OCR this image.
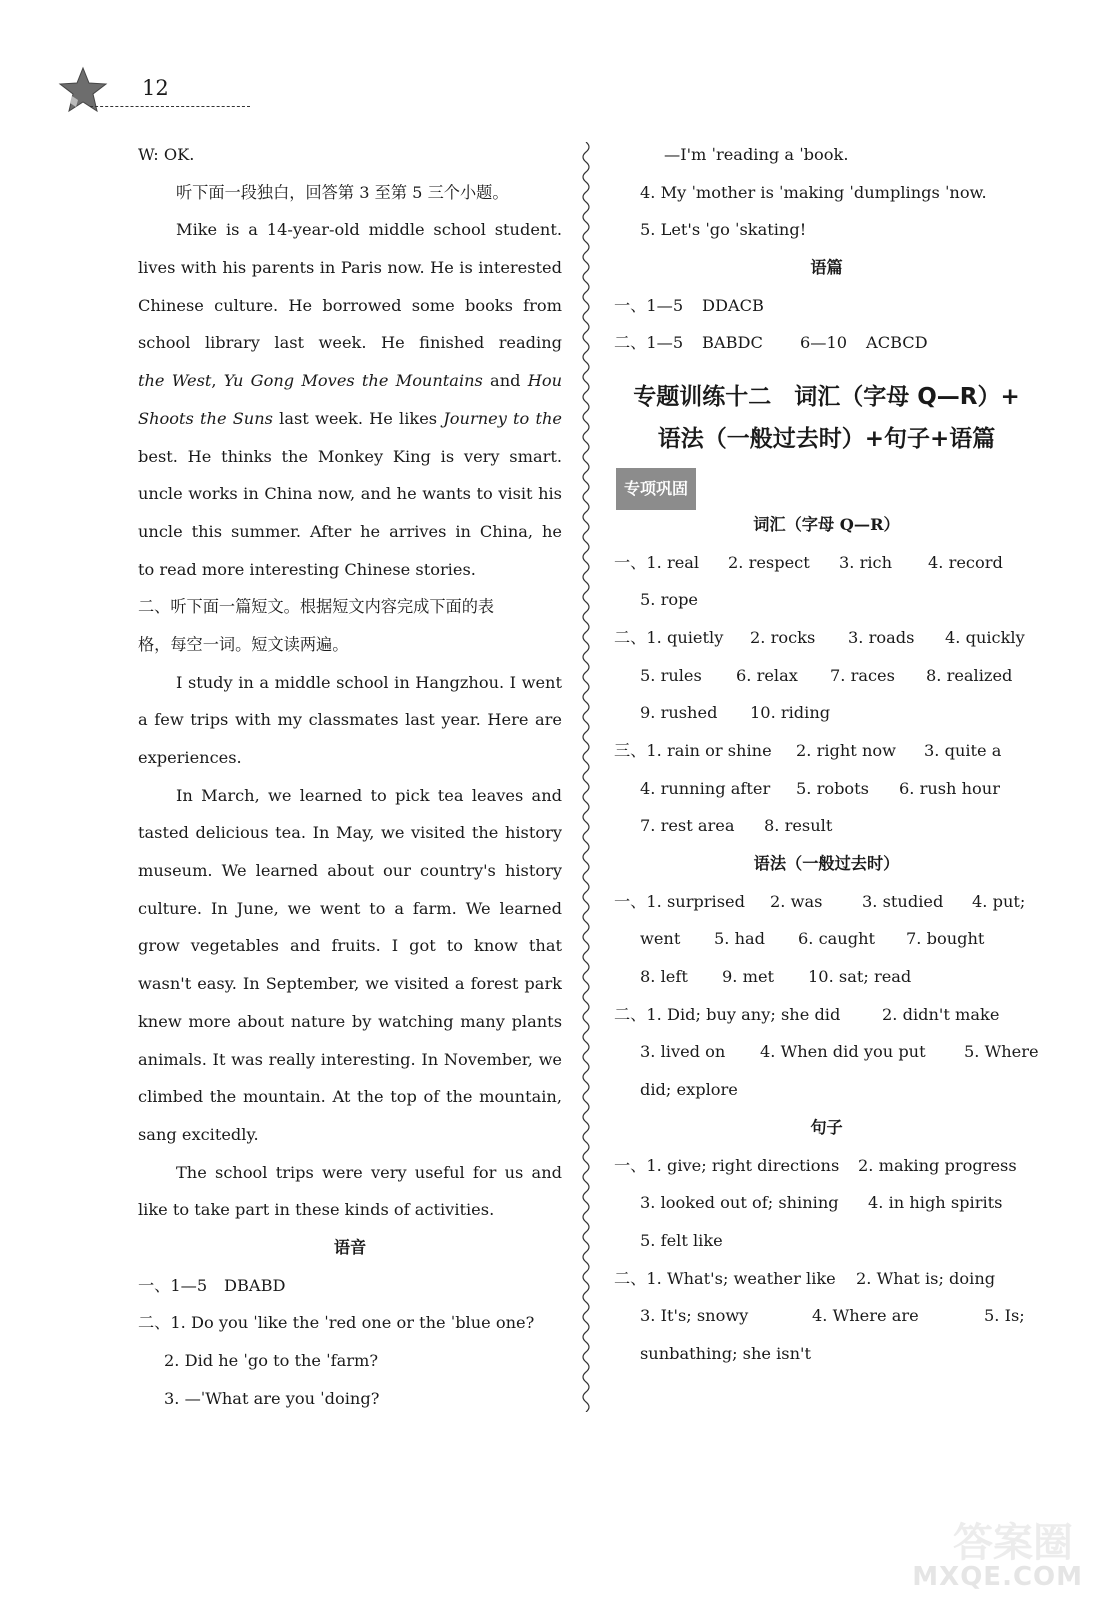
12
W: OK.
听下面一段独白，回答第 3 至第 5 三个小题。
Mike is a 14-year-old middle school student.
lives with his parents in Paris now. He is interested
Chinese culture. He borrowed some books from
school library last week. He finished reading
the West, Yu Gong Moves the Mountains and Hou
Shoots the Suns last week. He likes Journey to the
best. He thinks the Monkey King is very smart.
uncle works in China now, and he wants to visit his
uncle this summer. After he arrives in China, he
to read more interesting Chinese stories.
二、听下面一篇短文。根据短文内容完成下面的表
格，每空一词。短文读两遍。
I study in a middle school in Hangzhou. I went
a few trips with my classmates last year. Here are
experiences.
In March, we learned to pick tea leaves and
tasted delicious tea. In May, we visited the history
museum. We learned about our country's history
culture. In June, we went to a farm. We learned
grow vegetables and fruits. I got to know that
wasn't easy. In September, we visited a forest park
knew more about nature by watching many plants
animals. It was really interesting. In November, we
climbed the mountain. At the top of the mountain,
sang excitedly.
The school trips were very useful for us and
like to take part in these kinds of activities.
语音
一、1—5 DBABD
二、1. Do you ˈlike the ˈred one or the ˈblue one?
2. Did he ˈgo to the ˈfarm?
3. —ˈWhat are you ˈdoing?
—I'm ˈreading a ˈbook.
4. My ˈmother is ˈmaking ˈdumplings ˈnow.
5. Let's ˈgo ˈskating!
语篇
一、1—5 DDACB
二、1—5 BABDC 6—10 ACBCD
专题训练十二　词汇（字母 Q—R）+
语法（一般过去时）+句子+语篇
专项巩固
词汇（字母 Q—R）
一、1. real 2. respect 3. rich 4. record
5. rope
二、1. quietly 2. rocks 3. roads 4. quickly
5. rules 6. relax 7. races 8. realized
9. rushed 10. riding
三、1. rain or shine 2. right now 3. quite a
4. running after 5. robots 6. rush hour
7. rest area 8. result
语法（一般过去时）
一、1. surprised 2. was 3. studied 4. put;
went 5. had 6. caught 7. bought
8. left 9. met 10. sat; read
二、1. Did; buy any; she did	2. didn't make
3. lived on 4. When did you put 5. Where
did; explore
句子
一、1. give; right directions 2. making progress
3. looked out of; shining 4. in high spirits
5. felt like
二、1. What's; weather like 2. What is; doing
3. It's; snowy	4. Where are	5. Is;
sunbathing; she isn't
答案圈
MXQE.COM
